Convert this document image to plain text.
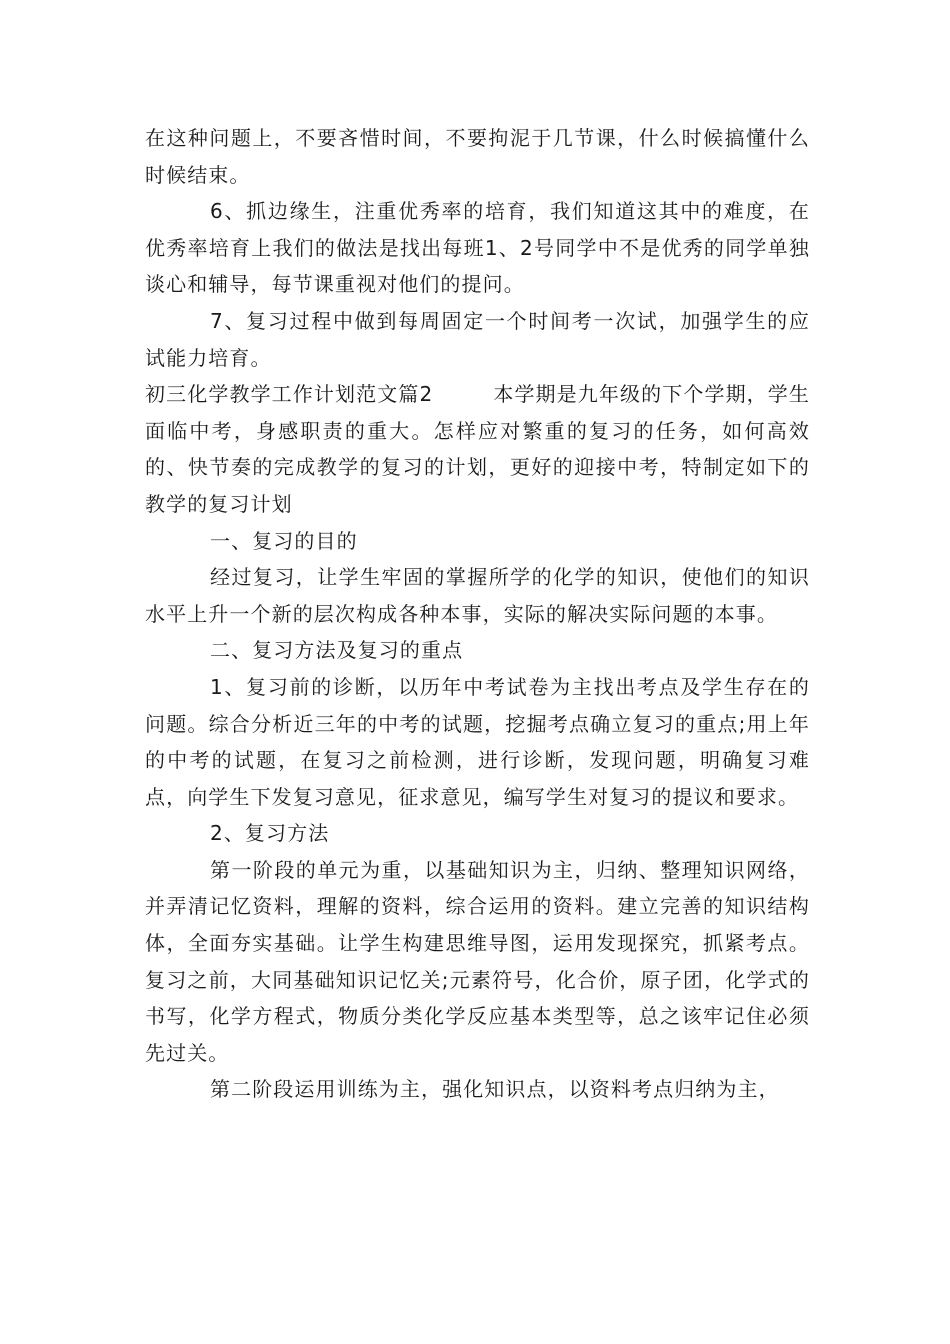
在这种问题上，不要吝惜时间，不要拘泥于几节课，什么时候搞懂什么时候结束。

6、抓边缘生，注重优秀率的培育，我们知道这其中的难度，在优秀率培育上我们的做法是找出每班1、2号同学中不是优秀的同学单独谈心和辅导，每节课重视对他们的提问。

7、复习过程中做到每周固定一个时间考一次试，加强学生的应试能力培育。

初三化学教学工作计划范文篇2	本学期是九年级的下个学期，学生面临中考，身感职责的重大。怎样应对繁重的复习的任务，如何高效的、快节奏的完成教学的复习的计划，更好的迎接中考，特制定如下的教学的复习计划

一、复习的目的

经过复习，让学生牢固的掌握所学的化学的知识，使他们的知识水平上升一个新的层次构成各种本事，实际的解决实际问题的本事。

二、复习方法及复习的重点

1、复习前的诊断，以历年中考试卷为主找出考点及学生存在的问题。综合分析近三年的中考的试题，挖掘考点确立复习的重点;用上年的中考的试题，在复习之前检测，进行诊断，发现问题，明确复习难点，向学生下发复习意见，征求意见，编写学生对复习的提议和要求。

2、复习方法

第一阶段的单元为重，以基础知识为主，归纳、整理知识网络，并弄清记忆资料，理解的资料，综合运用的资料。建立完善的知识结构体，全面夯实基础。让学生构建思维导图，运用发现探究，抓紧考点。复习之前，大同基础知识记忆关;元素符号，化合价，原子团，化学式的书写，化学方程式，物质分类化学反应基本类型等，总之该牢记住必须先过关。

第二阶段运用训练为主，强化知识点，以资料考点归纳为主，
